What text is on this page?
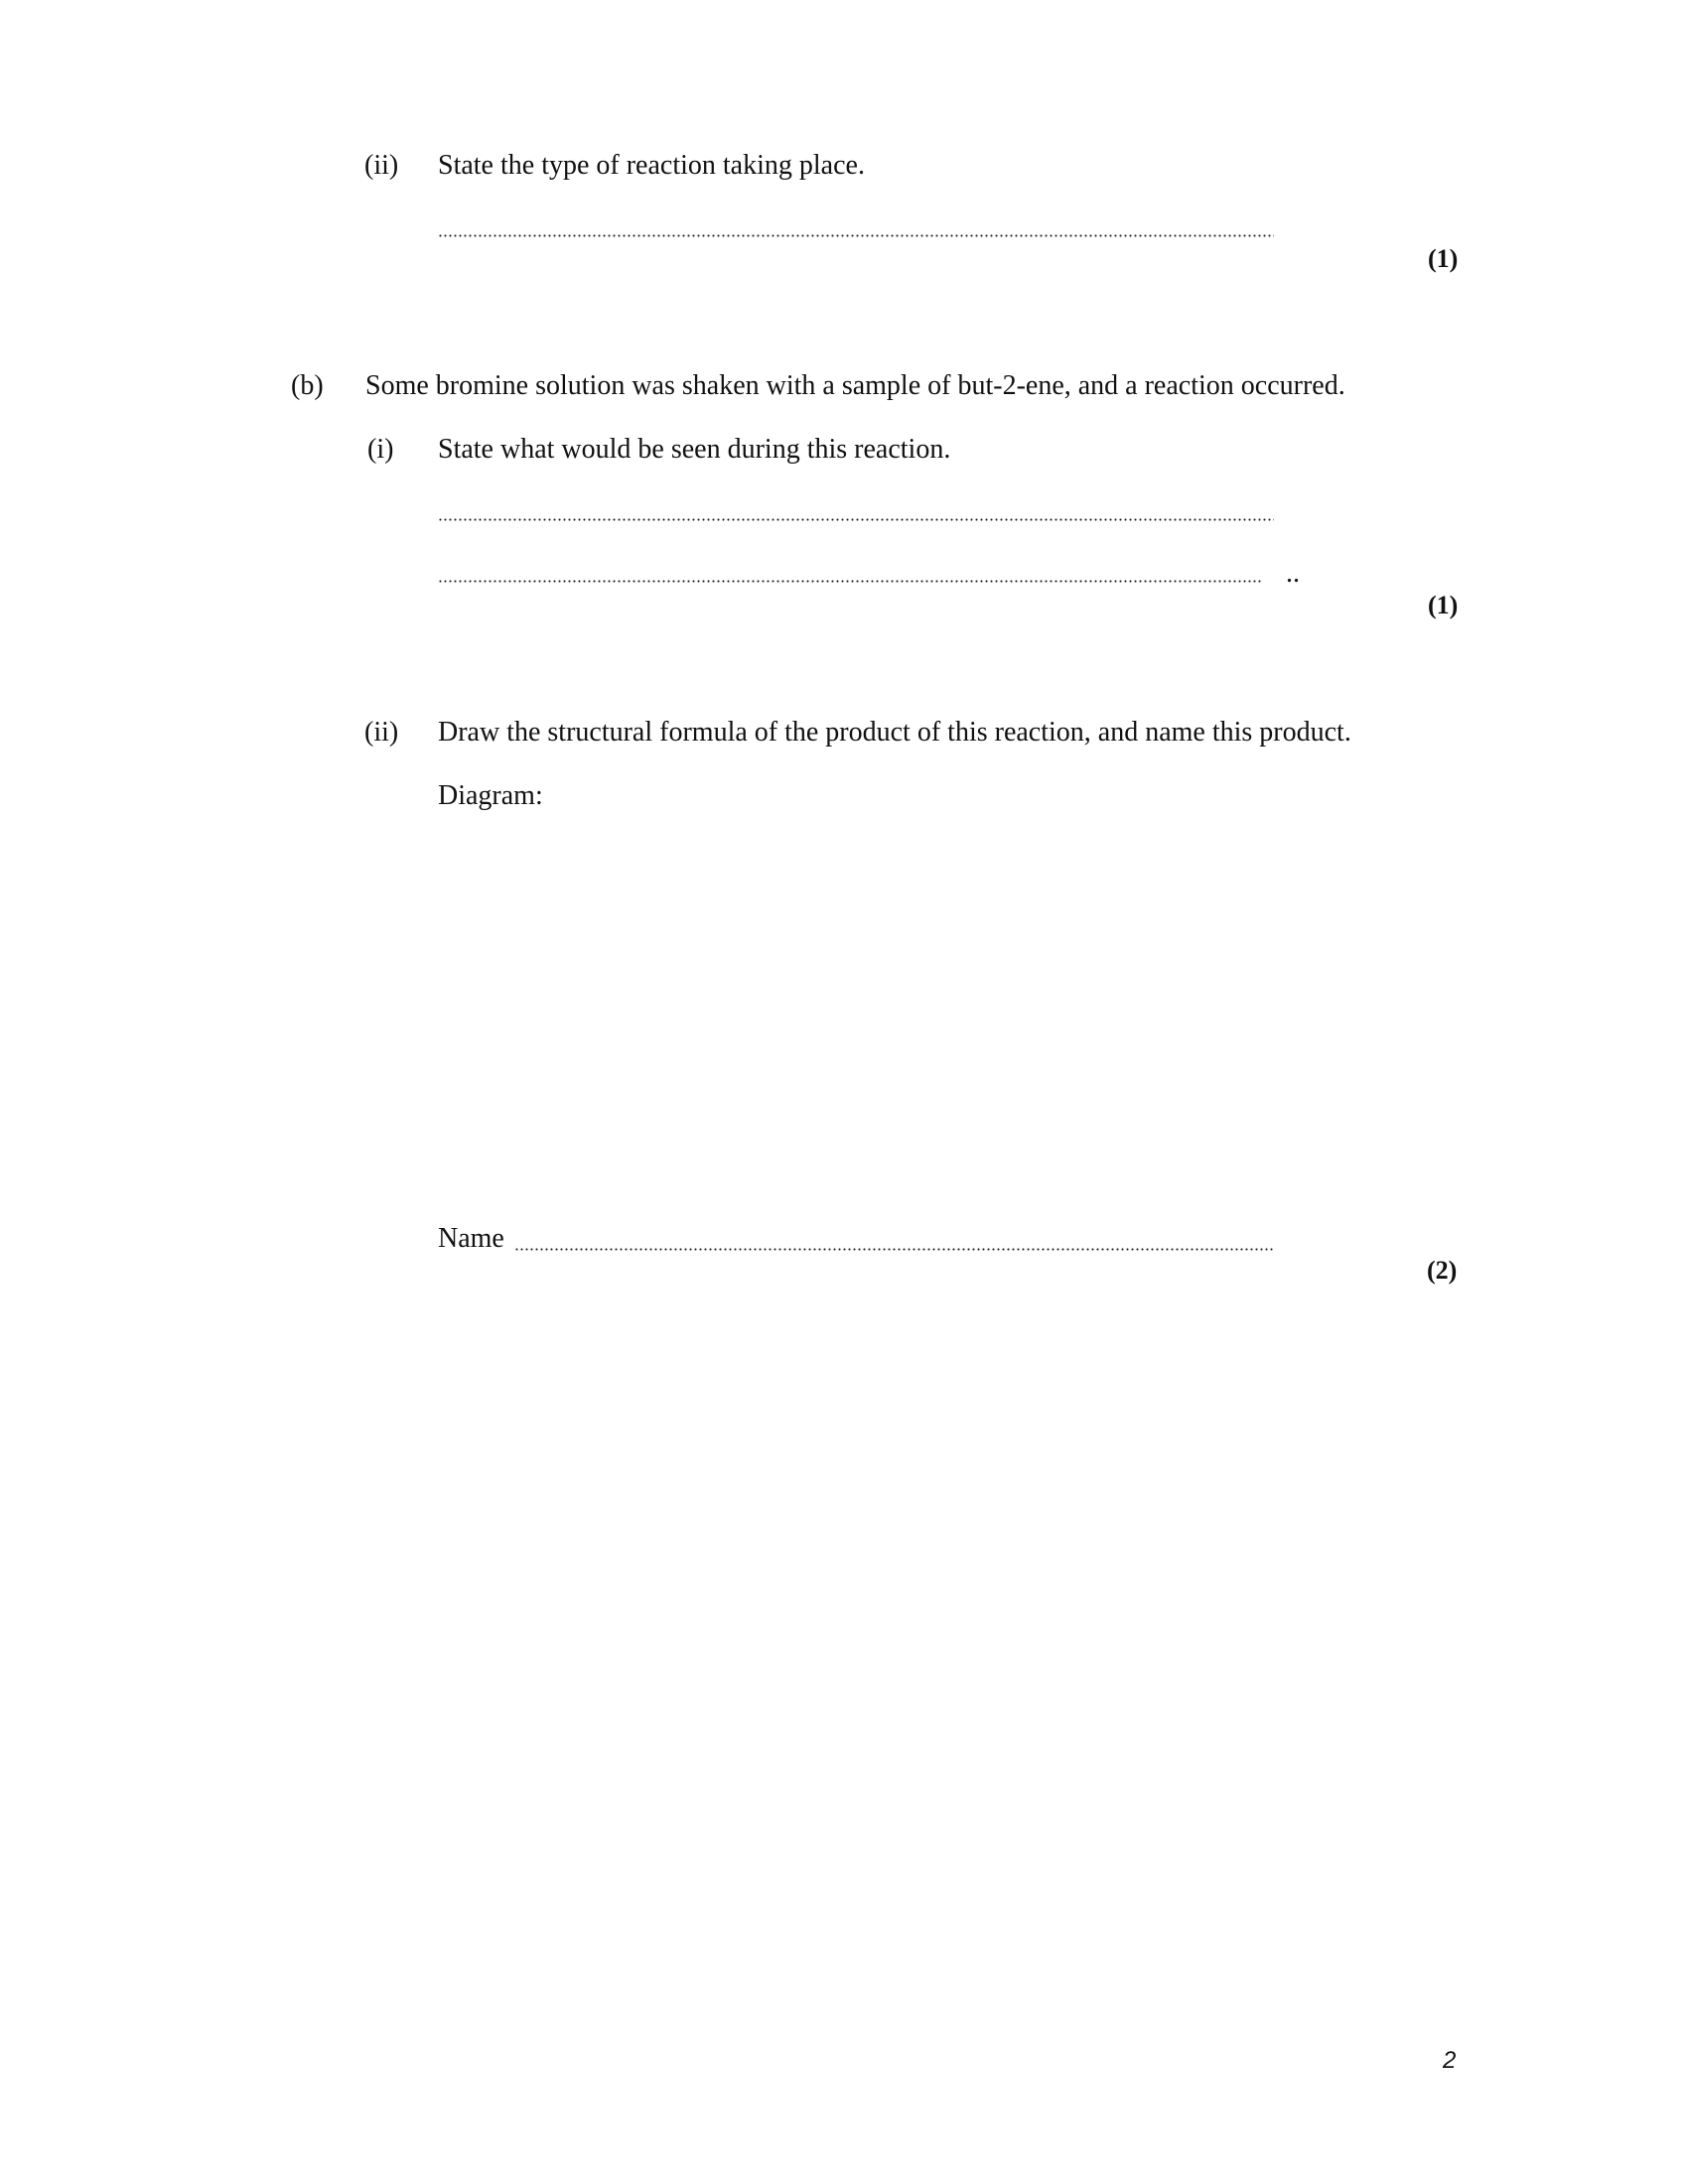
(ii) State the type of reaction taking place.
(1)
(b) Some bromine solution was shaken with a sample of but-2-ene, and a reaction occurred.
(i) State what would be seen during this reaction.
..
(1)
(ii) Draw the structural formula of the product of this reaction, and name this product.
Diagram:
Name
(2)
2
